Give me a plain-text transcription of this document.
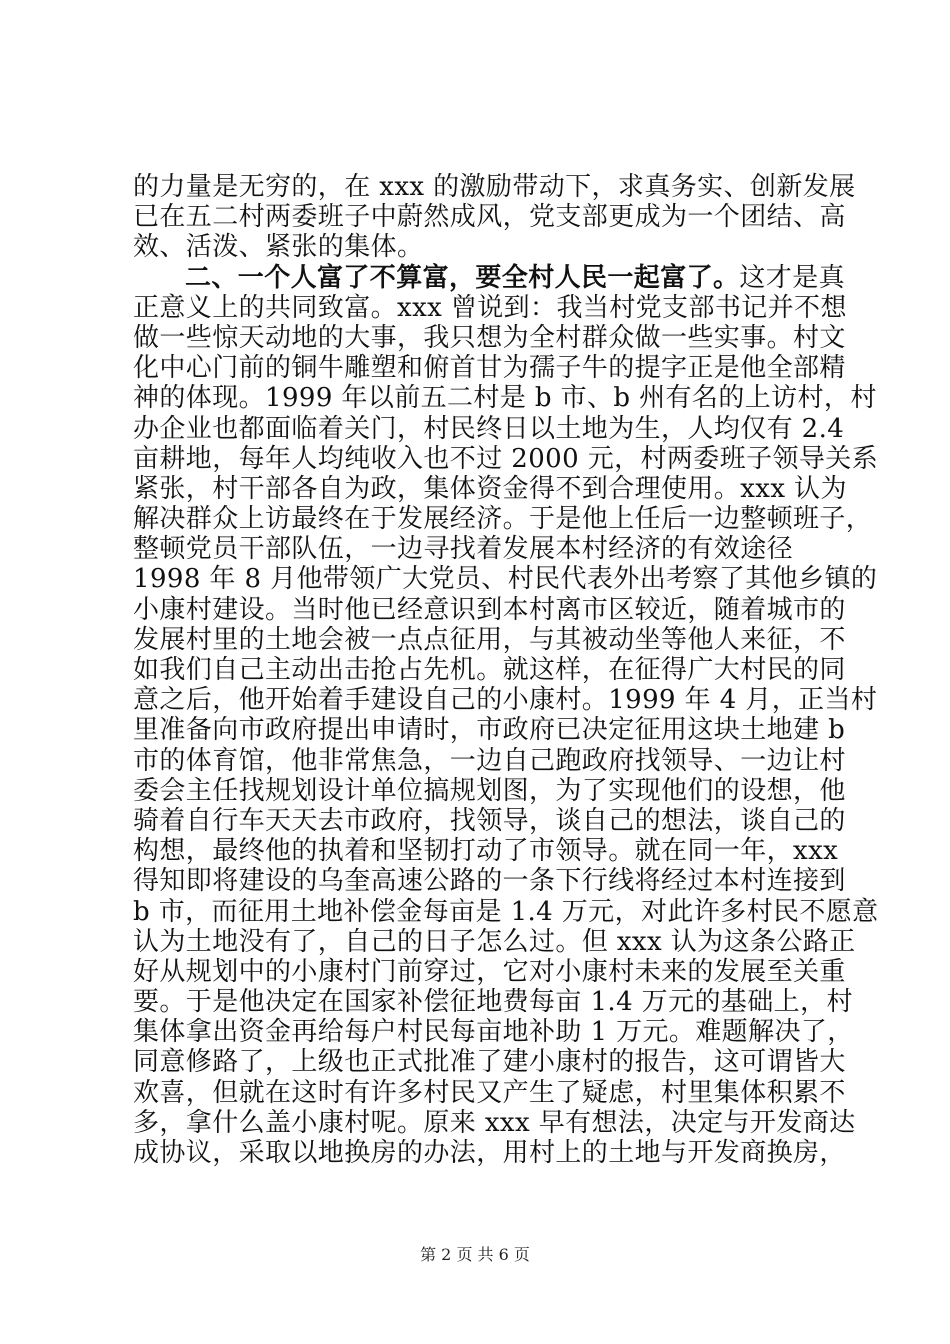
的力量是无穷的，在 xxx 的激励带动下，求真务实、创新发展
已在五二村两委班子中蔚然成风，党支部更成为一个团结、高
效、活泼、紧张的集体。
二、一个人富了不算富，要全村人民一起富了。这才是真
正意义上的共同致富。xxx 曾说到：我当村党支部书记并不想
做一些惊天动地的大事，我只想为全村群众做一些实事。村文
化中心门前的铜牛雕塑和俯首甘为孺子牛的提字正是他全部精
神的体现。1999 年以前五二村是 b 市、b 州有名的上访村，村
办企业也都面临着关门，村民终日以土地为生，人均仅有 2.4
亩耕地，每年人均纯收入也不过 2000 元，村两委班子领导关系
紧张，村干部各自为政，集体资金得不到合理使用。xxx 认为
解决群众上访最终在于发展经济。于是他上任后一边整顿班子，
整顿党员干部队伍，一边寻找着发展本村经济的有效途径
1998 年 8 月他带领广大党员、村民代表外出考察了其他乡镇的
小康村建设。当时他已经意识到本村离市区较近，随着城市的
发展村里的土地会被一点点征用，与其被动坐等他人来征，不
如我们自己主动出击抢占先机。就这样，在征得广大村民的同
意之后，他开始着手建设自己的小康村。1999 年 4 月，正当村
里准备向市政府提出申请时，市政府已决定征用这块土地建 b
市的体育馆，他非常焦急，一边自己跑政府找领导、一边让村
委会主任找规划设计单位搞规划图，为了实现他们的设想，他
骑着自行车天天去市政府，找领导，谈自己的想法，谈自己的
构想，最终他的执着和坚韧打动了市领导。就在同一年，xxx
得知即将建设的乌奎高速公路的一条下行线将经过本村连接到
b 市，而征用土地补偿金每亩是 1.4 万元，对此许多村民不愿意
认为土地没有了，自己的日子怎么过。但 xxx 认为这条公路正
好从规划中的小康村门前穿过，它对小康村未来的发展至关重
要。于是他决定在国家补偿征地费每亩 1.4 万元的基础上，村
集体拿出资金再给每户村民每亩地补助 1 万元。难题解决了，
同意修路了，上级也正式批准了建小康村的报告，这可谓皆大
欢喜，但就在这时有许多村民又产生了疑虑，村里集体积累不
多，拿什么盖小康村呢。原来 xxx 早有想法，决定与开发商达
成协议，采取以地换房的办法，用村上的土地与开发商换房，
第 2 页 共 6 页
